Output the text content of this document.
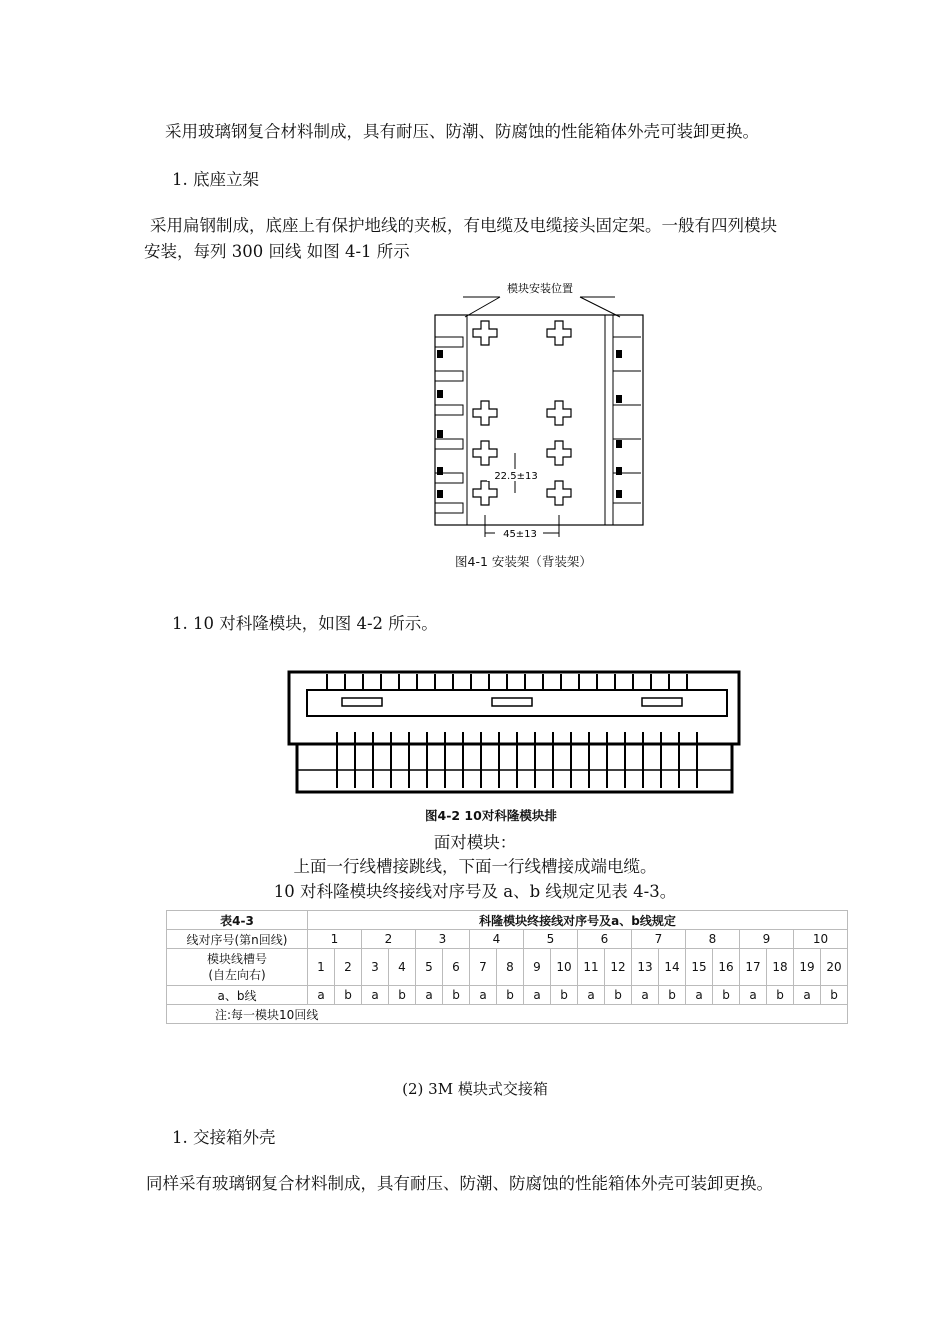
采用玻璃钢复合材料制成，具有耐压、防潮、防腐蚀的性能箱体外壳可装卸更换。
1. 底座立架
采用扁钢制成，底座上有保护地线的夹板，有电缆及电缆接头固定架。一般有四列模块
安装，每列 300 回线 如图 4-1 所示
模块安装位置
22.5±13
45±13
图4-1 安装架（背装架）
1. 10 对科隆模块，如图 4-2 所示。
图4-2 10对科隆模块排
面对模块：
上面一行线槽接跳线，下面一行线槽接成端电缆。
10 对科隆模块终接线对序号及 a、b 线规定见表 4-3。
表4-3	科隆模块终接线对序号及a、b线规定																			
线对序号(第n回线)	1		2		3		4		5		6		7		8		9		10	

模块线槽号
(自左向右)	1	2	3	4	5	6	7	8	9	10	11	12	13	14	15	16	17	18	19	20
a、b线	a	b	a	b	a	b	a	b	a	b	a	b	a	b	a	b	a	b	a	b
注:每一模块10回线																				
(2) 3M 模块式交接箱
1. 交接箱外壳
同样采有玻璃钢复合材料制成，具有耐压、防潮、防腐蚀的性能箱体外壳可装卸更换。
